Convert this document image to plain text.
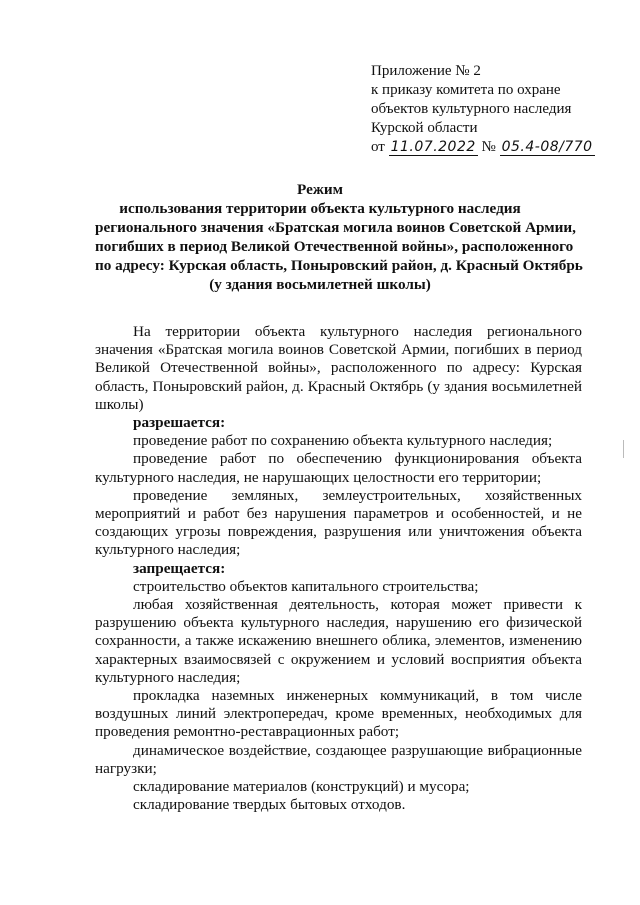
Приложение № 2
к приказу комитета по охране
объектов культурного наследия
Курской области
от 11.07.2022 № 05.4-08/770
Режим
использования территории объекта культурного наследия
регионального значения «Братская могила воинов Советской Армии,
погибших в период Великой Отечественной войны», расположенного
по адресу: Курская область, Поныровский район, д. Красный Октябрь
(у здания восьмилетней школы)

На территории объекта культурного наследия регионального значения «Братская могила воинов Советской Армии, погибших в период Великой Отечественной войны», расположенного по адресу: Курская область, Поныровский район, д. Красный Октябрь (у здания восьмилетней школы)

разрешается:

проведение работ по сохранению объекта культурного наследия;

проведение работ по обеспечению функционирования объекта культурного наследия, не нарушающих целостности его территории;

проведение земляных, землеустроительных, хозяйственных мероприятий и работ без нарушения параметров и особенностей, и не создающих угрозы повреждения, разрушения или уничтожения объекта культурного наследия;

запрещается:

строительство объектов капитального строительства;

любая хозяйственная деятельность, которая может привести к разрушению объекта культурного наследия, нарушению его физической сохранности, а также искажению внешнего облика, элементов, изменению характерных взаимосвязей с окружением и условий восприятия объекта культурного наследия;

прокладка наземных инженерных коммуникаций, в том числе воздушных линий электропередач, кроме временных, необходимых для проведения ремонтно-реставрационных работ;

динамическое воздействие, создающее разрушающие вибрационные нагрузки;

складирование материалов (конструкций) и мусора;

складирование твердых бытовых отходов.
